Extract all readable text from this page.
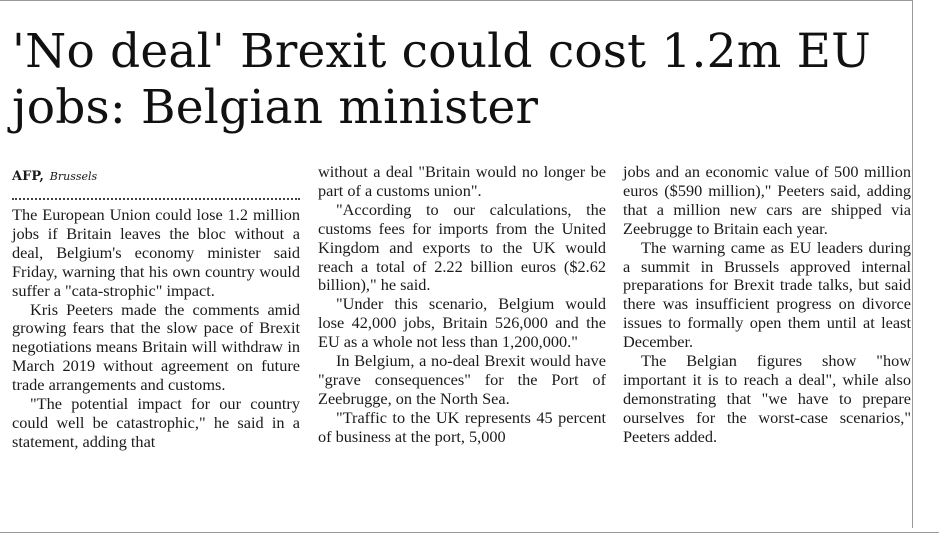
'No deal' Brexit could cost 1.2m EU jobs: Belgian minister
AFP, Brussels

The European Union could lose 1.2 million jobs if Britain leaves the bloc without a deal, Belgium's economy minister said Friday, warning that his own country would suffer a "cata-strophic" impact.

Kris Peeters made the comments amid growing fears that the slow pace of Brexit negotiations means Britain will withdraw in March 2019 without agreement on future trade arrangements and customs.

"The potential impact for our country could well be catastrophic," he said in a statement, adding that

without a deal "Britain would no longer be part of a customs union".

"According to our calculations, the customs fees for imports from the United Kingdom and exports to the UK would reach a total of 2.22 billion euros ($2.62 billion)," he said.

"Under this scenario, Belgium would lose 42,000 jobs, Britain 526,000 and the EU as a whole not less than 1,200,000."

In Belgium, a no-deal Brexit would have "grave consequences" for the Port of Zeebrugge, on the North Sea.

"Traffic to the UK represents 45 percent of business at the port, 5,000

jobs and an economic value of 500 million euros ($590 million)," Peeters said, adding that a million new cars are shipped via Zeebrugge to Britain each year.

The warning came as EU leaders during a summit in Brussels approved internal preparations for Brexit trade talks, but said there was insufficient progress on divorce issues to formally open them until at least December.

The Belgian figures show "how important it is to reach a deal", while also demonstrating that "we have to prepare ourselves for the worst-case scenarios," Peeters added.
